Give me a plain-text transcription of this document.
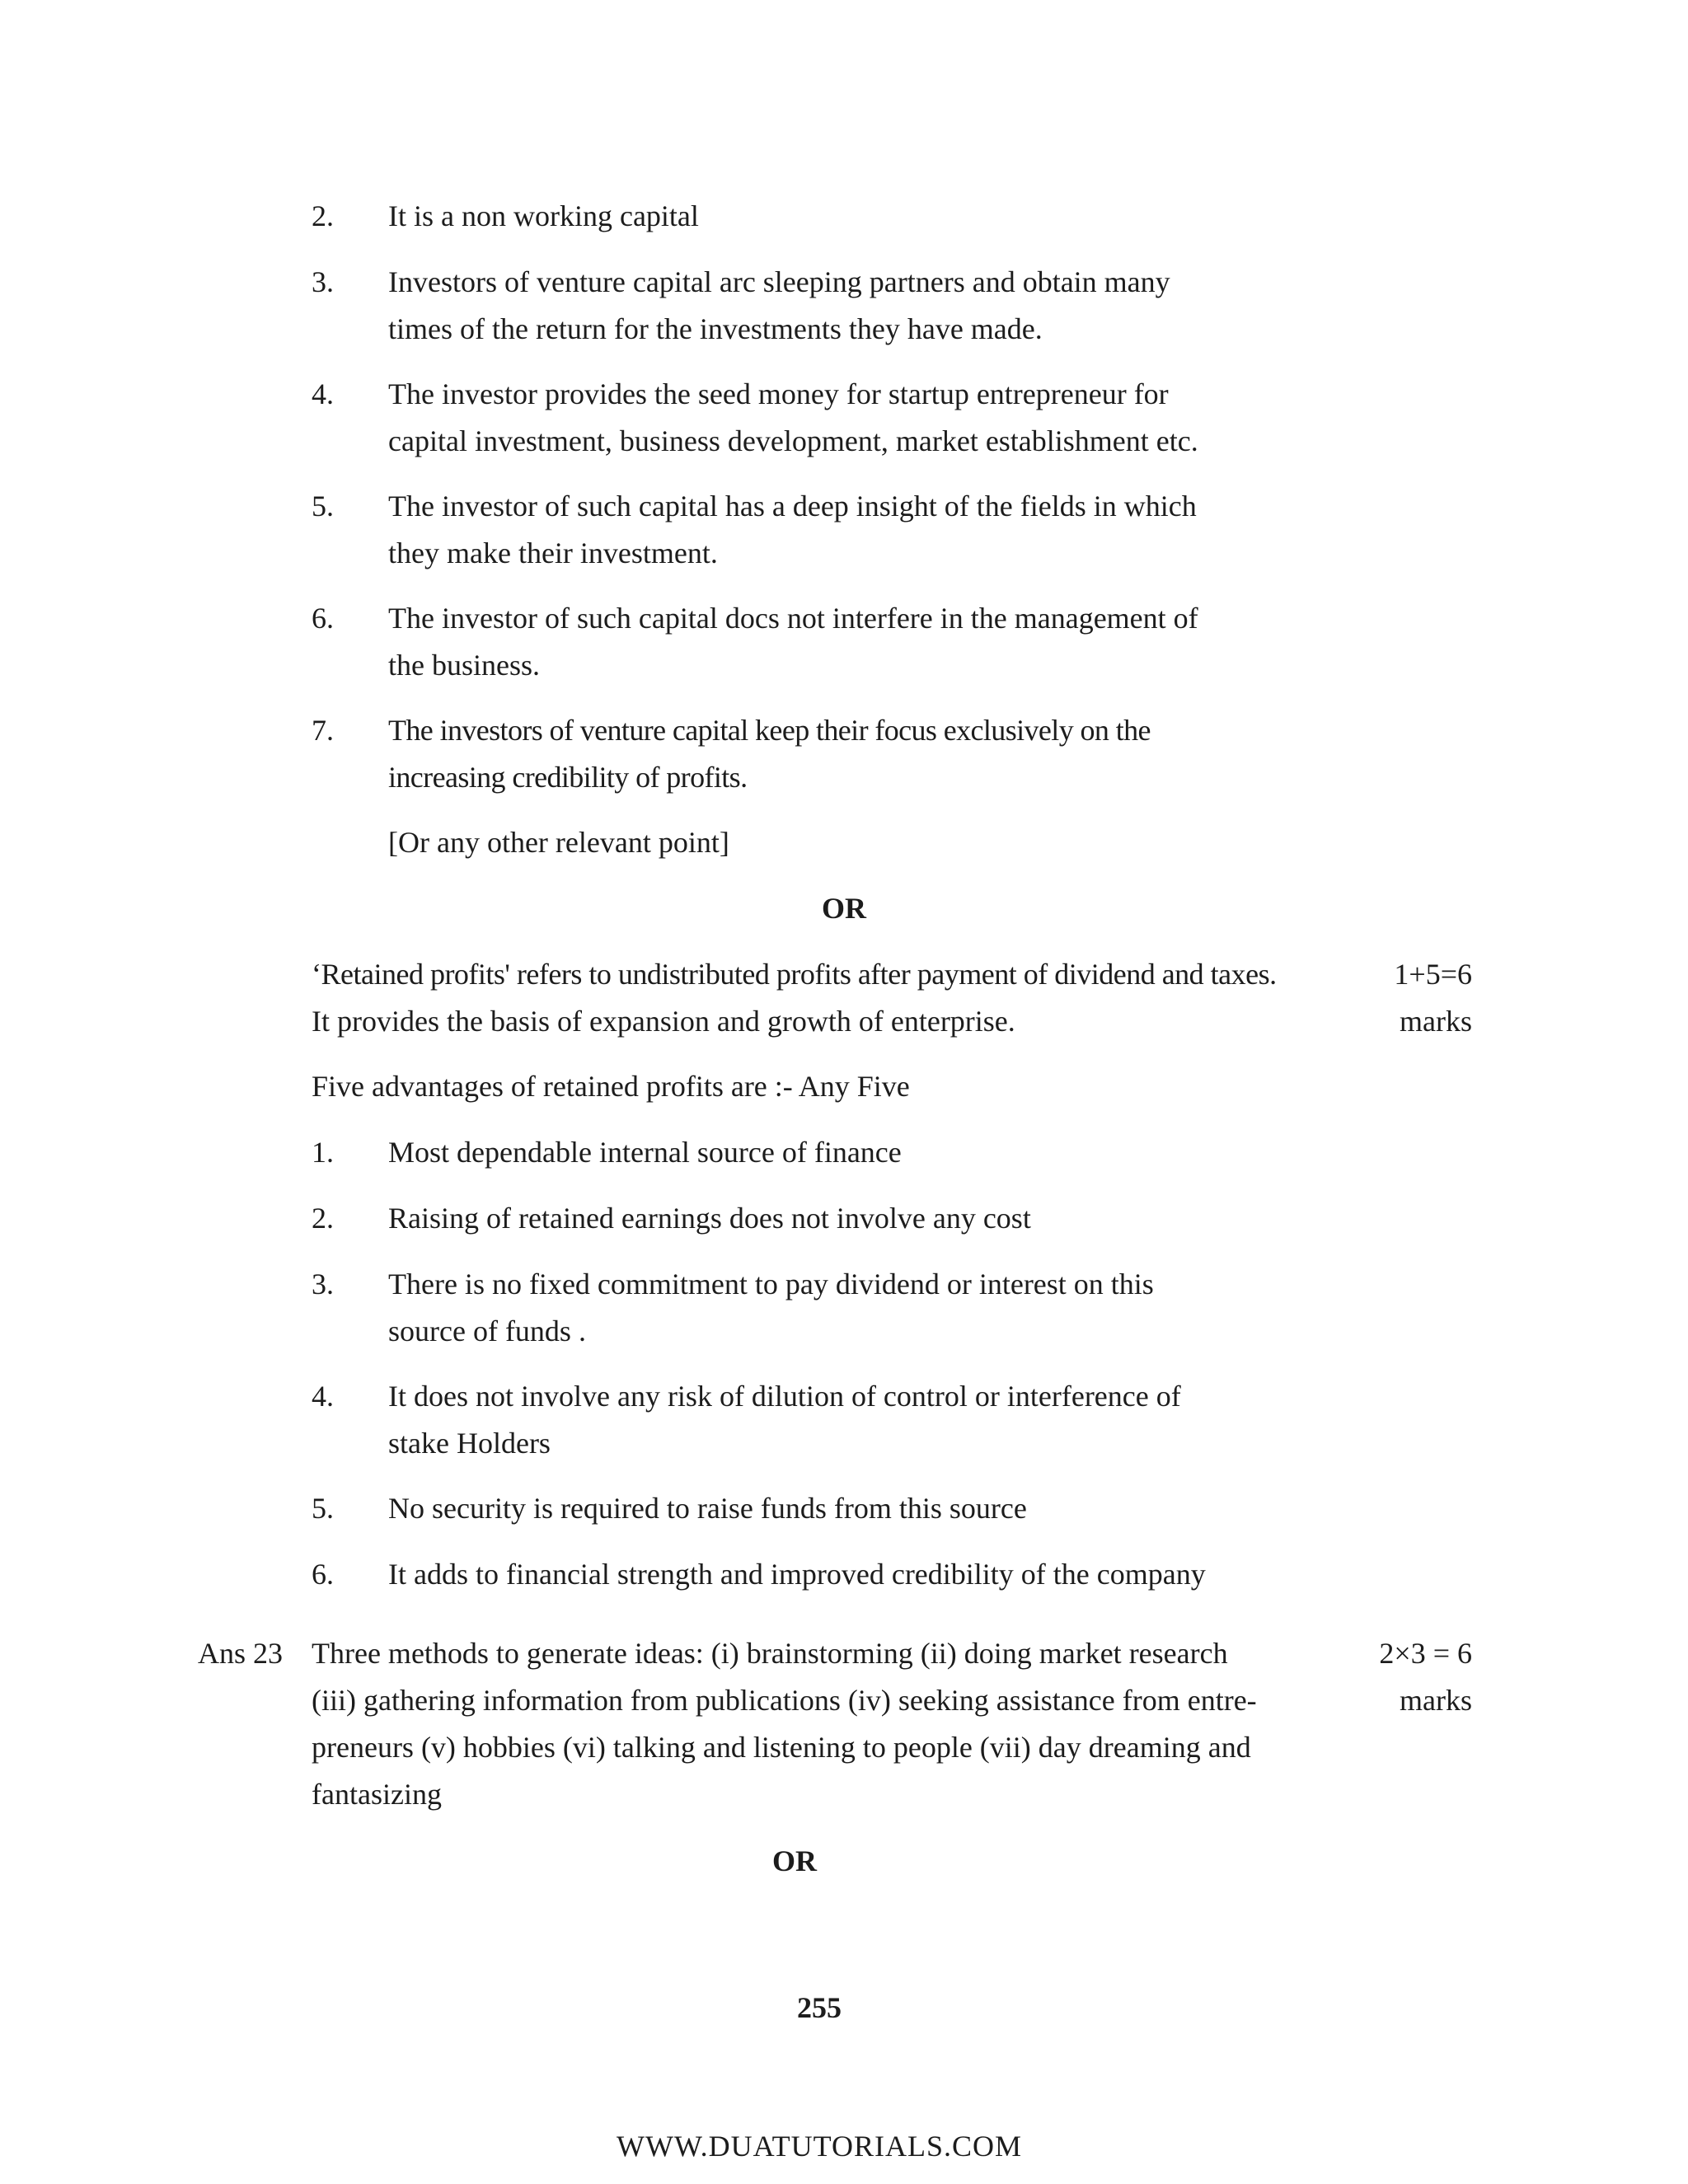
2.	It is a non working capital
3.	Investors of venture capital arc sleeping partners and obtain many times of the return for the investments they have made.
4.	The investor provides the seed money for startup entrepreneur for capital investment, business development, market establishment etc.
5.	The investor of such capital has a deep insight of the fields in which they make their investment.
6.	The investor of such capital docs not interfere in the management of the business.
7.	The investors of venture capital keep their focus exclusively on the increasing credibility of profits.
[Or any other relevant point]
OR
‘Retained profits' refers to undistributed profits after payment of dividend and taxes.
It provides the basis of expansion and growth of enterprise.
1+5=6
marks
Five advantages of retained profits are :- Any Five
1.	Most dependable internal source of finance
2.	Raising of retained earnings does not involve any cost
3.	There is no fixed commitment to pay dividend or interest on this source of funds .
4.	It does not involve any risk of dilution of control or interference of stake Holders
5.	No security is required to raise funds from this source
6.	It adds to financial strength and improved credibility of the company
Ans 23 Three methods to generate ideas: (i) brainstorming (ii) doing market research
(iii) gathering information from publications (iv) seeking assistance from entre-
preneurs (v) hobbies (vi) talking and listening to people (vii) day dreaming and
fantasizing
2×3 = 6
marks
OR
255
WWW.DUATUTORIALS.COM
